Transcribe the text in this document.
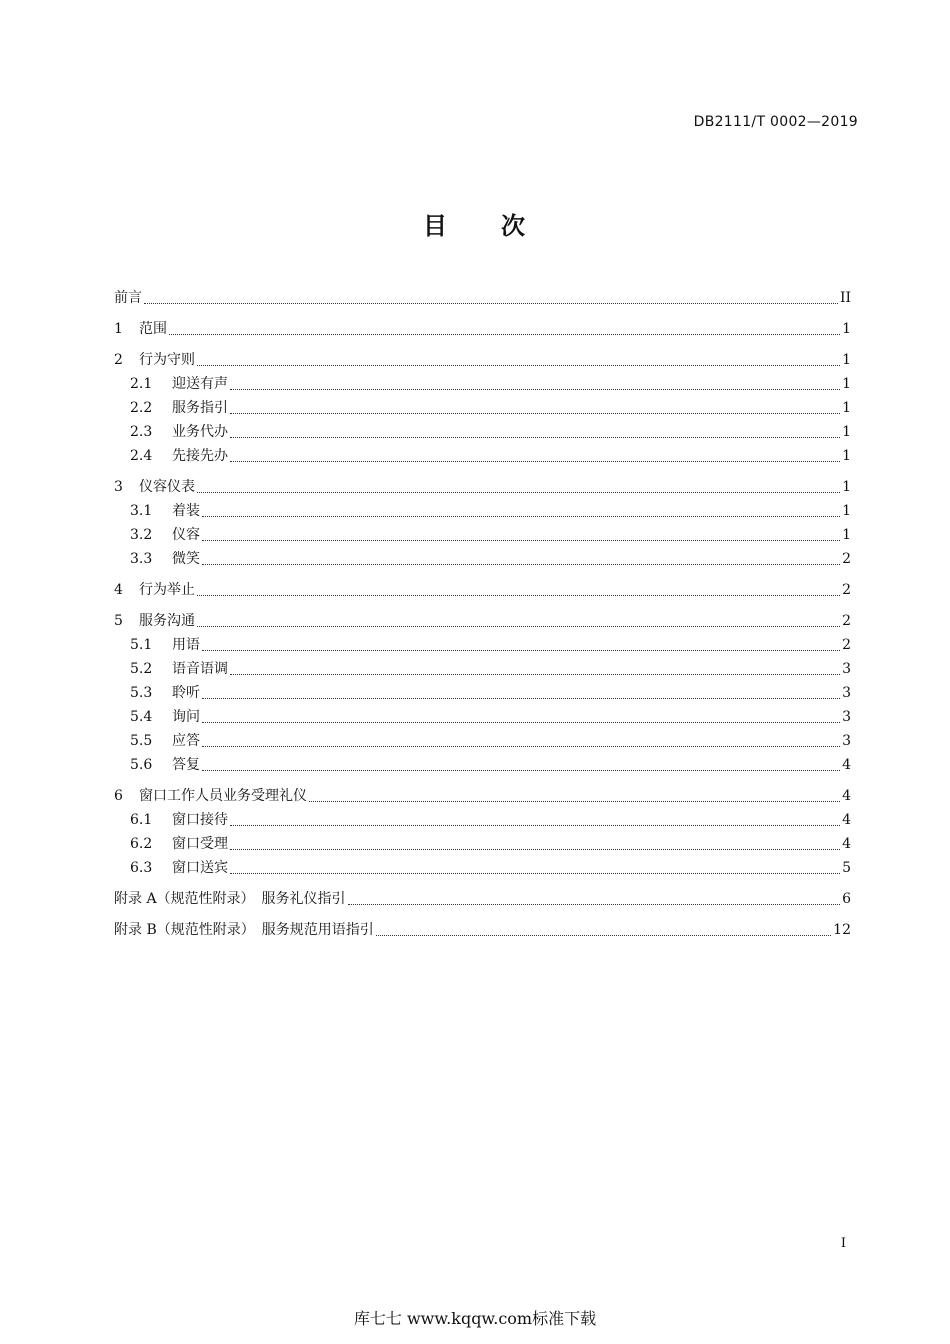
DB2111/T 0002—2019
目 次
前言	II
1	范围	1
2	行为守则	1
2.1	迎送有声	1
2.2	服务指引	1
2.3	业务代办	1
2.4	先接先办	1
3	仪容仪表	1
3.1	着装	1
3.2	仪容	1
3.3	微笑	2
4	行为举止	2
5	服务沟通	2
5.1	用语	2
5.2	语音语调	3
5.3	聆听	3
5.4	询问	3
5.5	应答	3
5.6	答复	4
6	窗口工作人员业务受理礼仪	4
6.1	窗口接待	4
6.2	窗口受理	4
6.3	窗口送宾	5
附录 A（规范性附录）　服务礼仪指引	6
附录 B（规范性附录）　服务规范用语指引	12
I
库七七 www.kqqw.com标准下载
